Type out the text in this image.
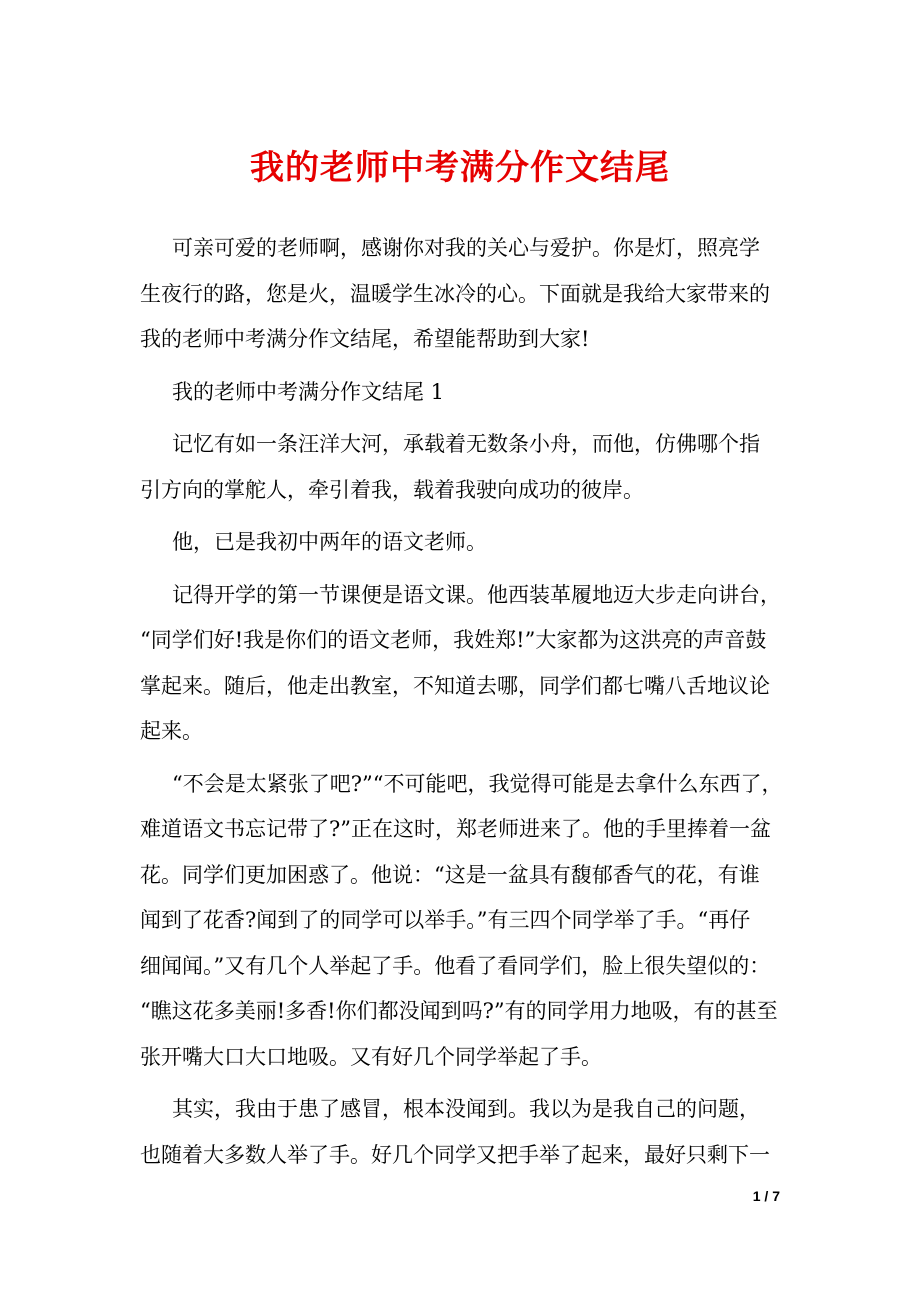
我的老师中考满分作文结尾

可亲可爱的老师啊，感谢你对我的关心与爱护。你是灯，照亮学
生夜行的路，您是火，温暖学生冰冷的心。下面就是我给大家带来的
我的老师中考满分作文结尾，希望能帮助到大家!

我的老师中考满分作文结尾 1

记忆有如一条汪洋大河，承载着无数条小舟，而他，仿佛哪个指
引方向的掌舵人，牵引着我，载着我驶向成功的彼岸。

他，已是我初中两年的语文老师。

记得开学的第一节课便是语文课。他西装革履地迈大步走向讲台，
“同学们好!我是你们的语文老师，我姓郑!”大家都为这洪亮的声音鼓
掌起来。随后，他走出教室，不知道去哪，同学们都七嘴八舌地议论
起来。

“不会是太紧张了吧?”“不可能吧，我觉得可能是去拿什么东西了，
难道语文书忘记带了?”正在这时，郑老师进来了。他的手里捧着一盆
花。同学们更加困惑了。他说：“这是一盆具有馥郁香气的花，有谁
闻到了花香?闻到了的同学可以举手。”有三四个同学举了手。“再仔
细闻闻。”又有几个人举起了手。他看了看同学们，脸上很失望似的：
“瞧这花多美丽!多香!你们都没闻到吗?”有的同学用力地吸，有的甚至
张开嘴大口大口地吸。又有好几个同学举起了手。

其实，我由于患了感冒，根本没闻到。我以为是我自己的问题，
也随着大多数人举了手。好几个同学又把手举了起来，最好只剩下一

1 / 7
